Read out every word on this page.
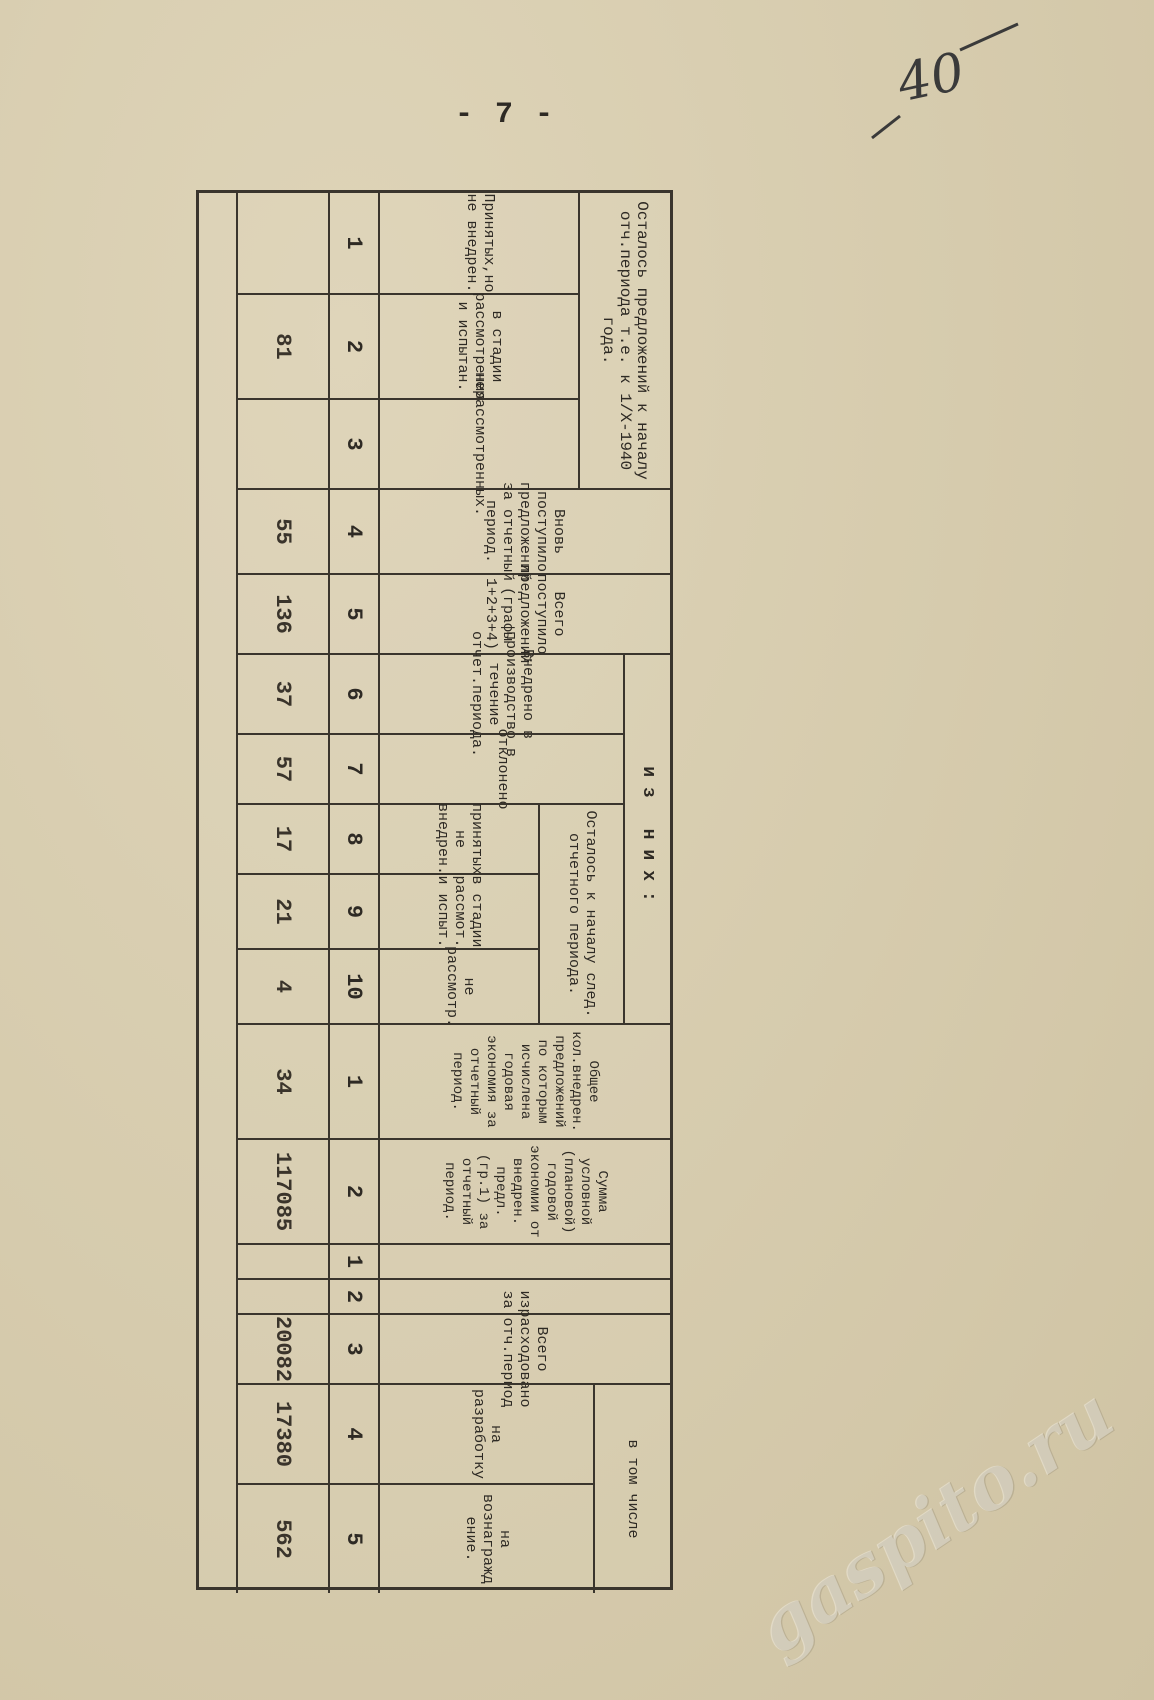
- 7 -
40
Осталось предложений к началу отч.периода т.е. к 1/X-1940 года.
Принятых,но не внедрен.
в стадии рассмотрения и испытан.
нерассмотренных.
Вновь поступило предложений за отчетный период.
Всего поступило предложений (графы 1+2+3+4)
из них:
Внедрено в производство в течение отчет.периода.
отклонено
Осталось к началу след. отчетного периода.
принятых не внедрен.
в стадии рассмот. и испыт.
не рассмотр.
Общее кол.внедрен. предложений по которым исчислена годовая экономия за отчетный период.
Сумма условной (плановой) годовой экономии от внедрен. предл.(гр.1) за отчетный период.
Всего израсходовано за отч.период
в том числе
на разработку
на вознагражд ение.
1
2
3
4
5
6
7
8
9
10
1
2
1
2
3
4
5
81
55
136
37
57
17
21
4
34
117085
20082
17380
562	gaspito.ru
